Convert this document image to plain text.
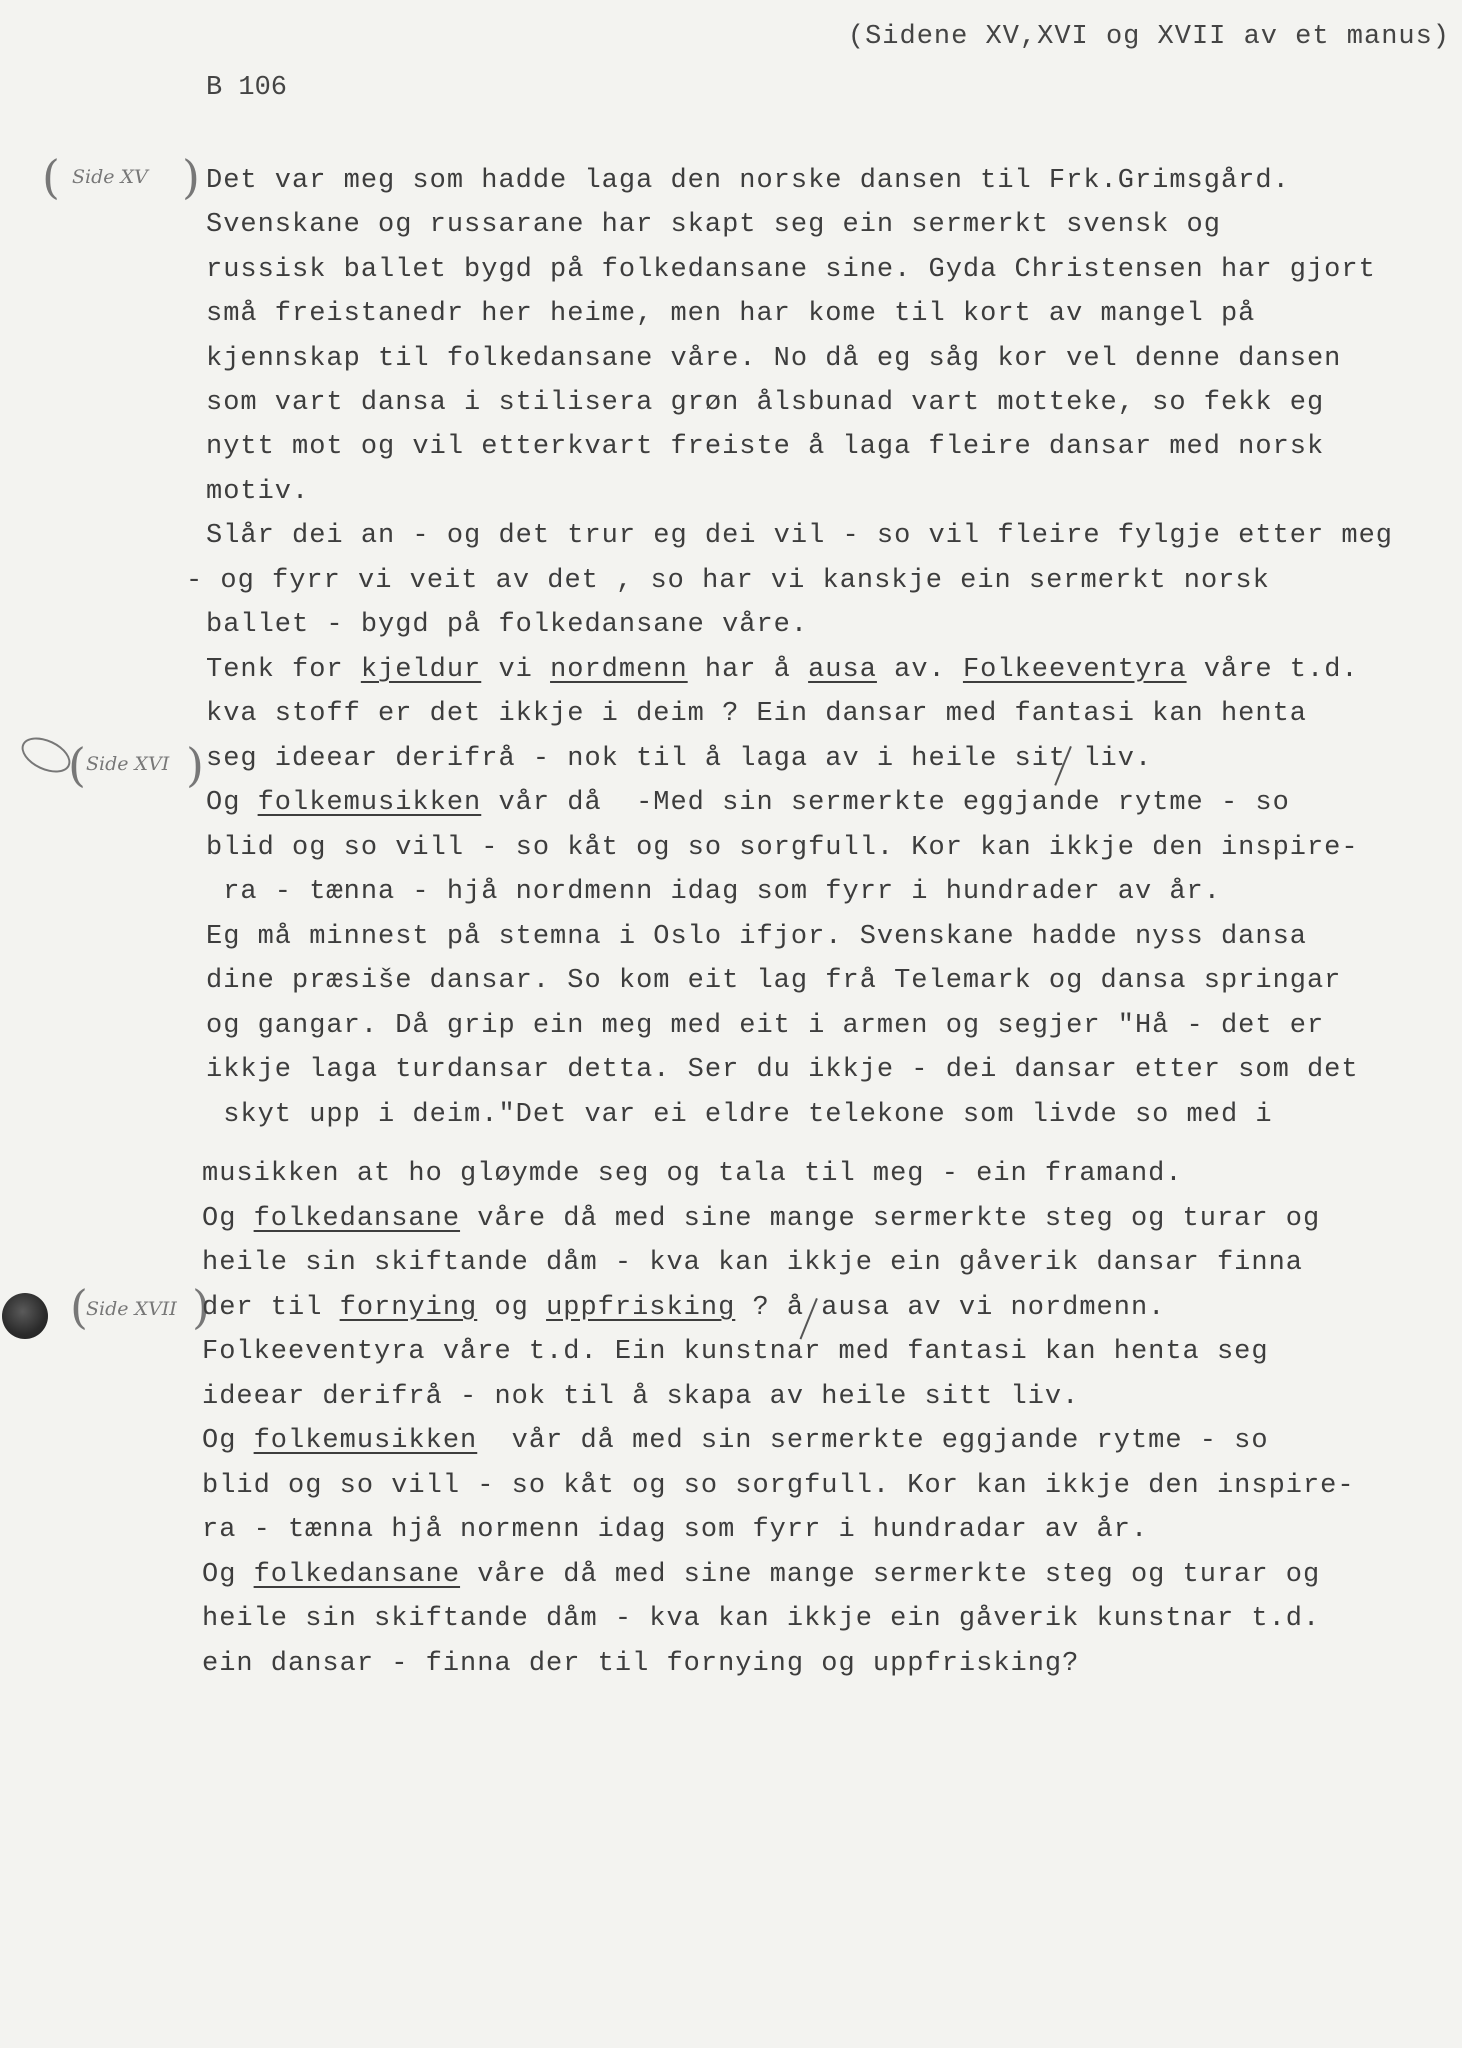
(Sidene XV,XVI og XVII av et manus)
B 106
( Side XV )
( Side XVI )
(
Side XVII )
Det var meg som hadde laga den norske dansen til Frk.Grimsgård.
Svenskane og russarane har skapt seg ein sermerkt svensk og
russisk ballet bygd på folkedansane sine. Gyda Christensen har gjort
små freistanedr her heime, men har kome til kort av mangel på
kjennskap til folkedansane våre. No då eg såg kor vel denne dansen
som vart dansa i stilisera grøn ålsbunad vart motteke, so fekk eg
nytt mot og vil etterkvart freiste å laga fleire dansar med norsk
motiv.
Slår dei an - og det trur eg dei vil - so vil fleire fylgje etter meg
- og fyrr vi veit av det , so har vi kanskje ein sermerkt norsk
ballet - bygd på folkedansane våre.
Tenk for kjeldur vi nordmenn har å ausa av. Folkeeventyra våre t.d.
kva stoff er det ikkje i deim ? Ein dansar med fantasi kan henta
seg ideear derifrå - nok til å laga av i heile sit liv.
Og folkemusikken vår då  -Med sin sermerkte eggjande rytme - so
blid og so vill - so kåt og so sorgfull. Kor kan ikkje den inspire-
ra - tænna - hjå nordmenn idag som fyrr i hundrader av år.
Eg må minnest på stemna i Oslo ifjor. Svenskane hadde nyss dansa
dine præsiše dansar. So kom eit lag frå Telemark og dansa springar
og gangar. Då grip ein meg med eit i armen og segjer "Hå - det er
ikkje laga turdansar detta. Ser du ikkje - dei dansar etter som det
skyt upp i deim."Det var ei eldre telekone som livde so med i
musikken at ho gløymde seg og tala til meg - ein framand.
Og folkedansane våre då med sine mange sermerkte steg og turar og
heile sin skiftande dåm - kva kan ikkje ein gåverik dansar finna
der til fornying og uppfrisking ? å ausa av vi nordmenn.
Folkeeventyra våre t.d. Ein kunstnar med fantasi kan henta seg
ideear derifrå - nok til å skapa av heile sitt liv.
Og folkemusikken  vår då med sin sermerkte eggjande rytme - so
blid og so vill - so kåt og so sorgfull. Kor kan ikkje den inspire-
ra - tænna hjå normenn idag som fyrr i hundradar av år.
Og folkedansane våre då med sine mange sermerkte steg og turar og
heile sin skiftande dåm - kva kan ikkje ein gåverik kunstnar t.d.
ein dansar - finna der til fornying og uppfrisking?
